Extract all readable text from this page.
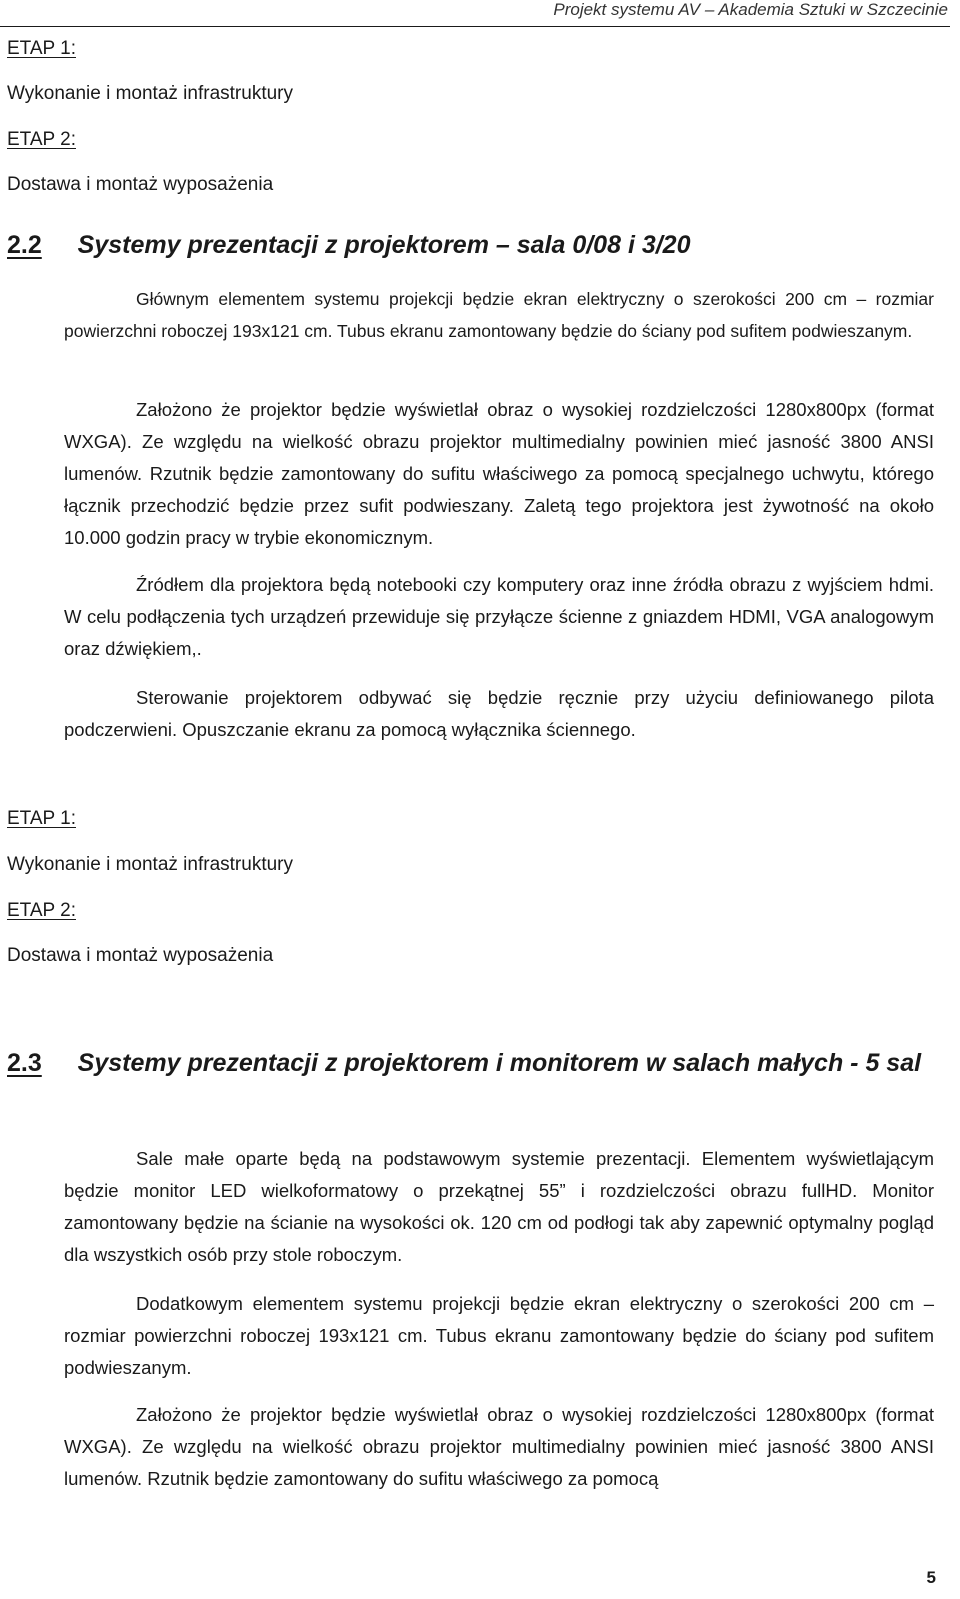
Projekt systemu AV – Akademia Sztuki w Szczecinie
ETAP 1:
Wykonanie i montaż infrastruktury
ETAP 2:
Dostawa i montaż wyposażenia
2.2 Systemy prezentacji z projektorem – sala 0/08 i 3/20

Głównym elementem systemu projekcji będzie ekran elektryczny o szerokości 200 cm – rozmiar powierzchni roboczej 193x121 cm. Tubus ekranu zamontowany będzie do ściany pod sufitem podwieszanym.

Założono że projektor będzie wyświetlał obraz o wysokiej rozdzielczości 1280x800px (format WXGA). Ze względu na wielkość obrazu projektor multimedialny powinien mieć jasność 3800 ANSI lumenów. Rzutnik będzie zamontowany do sufitu właściwego za pomocą specjalnego uchwytu, którego łącznik przechodzić będzie przez sufit podwieszany. Zaletą tego projektora jest żywotność na około 10.000 godzin pracy w trybie ekonomicznym.

Źródłem dla projektora będą notebooki czy komputery oraz inne źródła obrazu z wyjściem hdmi. W celu podłączenia tych urządzeń przewiduje się przyłącze ścienne z gniazdem HDMI, VGA analogowym oraz dźwiękiem,.

Sterowanie projektorem odbywać się będzie ręcznie przy użyciu definiowanego pilota podczerwieni. Opuszczanie ekranu za pomocą wyłącznika ściennego.

ETAP 1:
Wykonanie i montaż infrastruktury
ETAP 2:
Dostawa i montaż wyposażenia
2.3 Systemy prezentacji z projektorem i monitorem w salach małych - 5 sal

Sale małe oparte będą na podstawowym systemie prezentacji. Elementem wyświetlającym będzie monitor LED wielkoformatowy o przekątnej 55” i rozdzielczości obrazu fullHD. Monitor zamontowany będzie na ścianie na wysokości ok. 120 cm od podłogi tak aby zapewnić optymalny pogląd dla wszystkich osób przy stole roboczym.

Dodatkowym elementem systemu projekcji będzie ekran elektryczny o szerokości 200 cm – rozmiar powierzchni roboczej 193x121 cm. Tubus ekranu zamontowany będzie do ściany pod sufitem podwieszanym.

Założono że projektor będzie wyświetlał obraz o wysokiej rozdzielczości 1280x800px (format WXGA). Ze względu na wielkość obrazu projektor multimedialny powinien mieć jasność 3800 ANSI lumenów. Rzutnik będzie zamontowany do sufitu właściwego za pomocą

5
